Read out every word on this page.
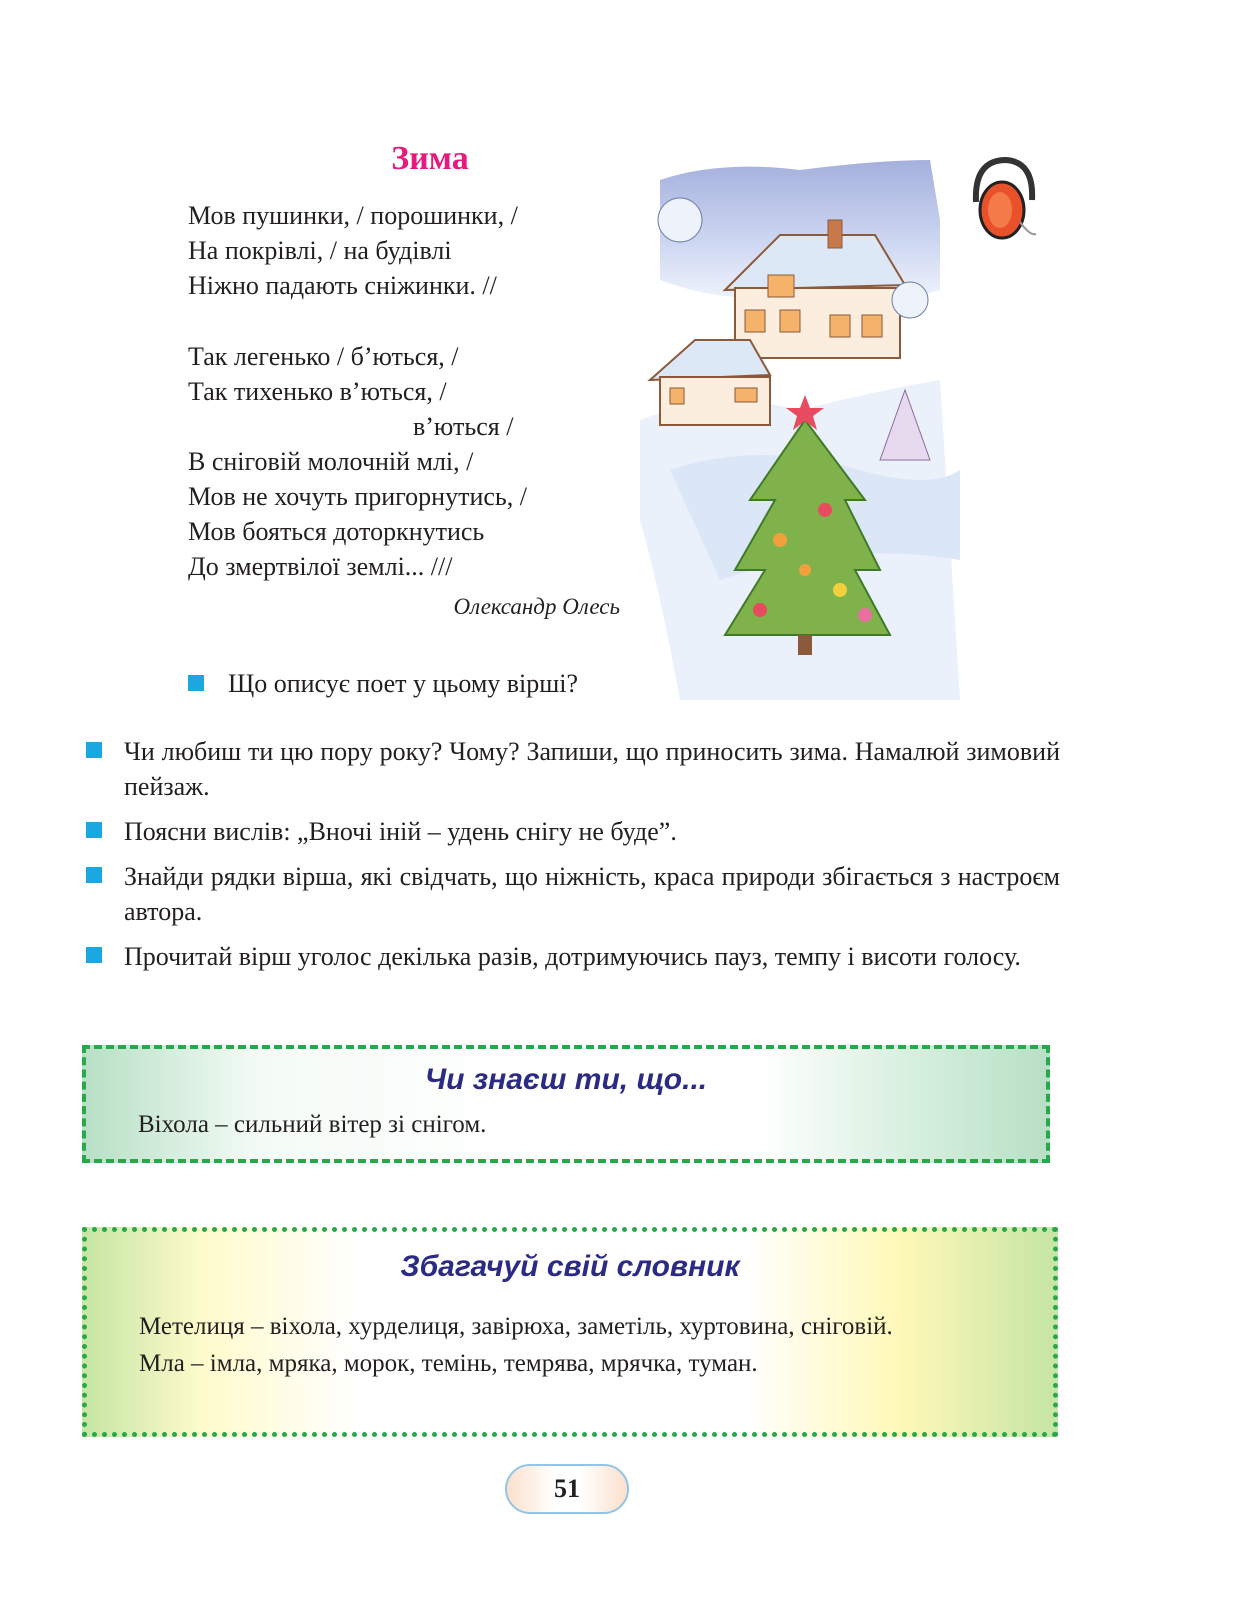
Зима
Мов пушинки, / порошинки, /
На покрівлі, / на будівлі
Ніжно падають сніжинки. //
Так легенько / б’ються, /
Так тихенько в’ються, /
в’ються /
В сніговій молочній млі, /
Мов не хочуть пригорнутись, /
Мов бояться доторкнутись
До змертвілої землі... ///
Олександр Олесь
Що описує поет у цьому вірші?
Чи любиш ти цю пору року? Чому? Запиши, що приносить зима. Намалюй зимовий пейзаж.
Поясни вислів: „Вночі іній – удень снігу не буде”.
Знайди рядки вірша, які свідчать, що ніжність, краса природи збігається з настроєм автора.
Прочитай вірш уголос декілька разів, дотримуючись пауз, темпу і висоти голосу.
Чи знаєш ти, що...
Віхола – сильний вітер зі снігом.
Збагачуй свій словник
Метелиця – віхола, хурделиця, завірюха, заметіль, хуртовина, сніговій.
Мла – імла, мряка, морок, темінь, темрява, мрячка, туман.
51
